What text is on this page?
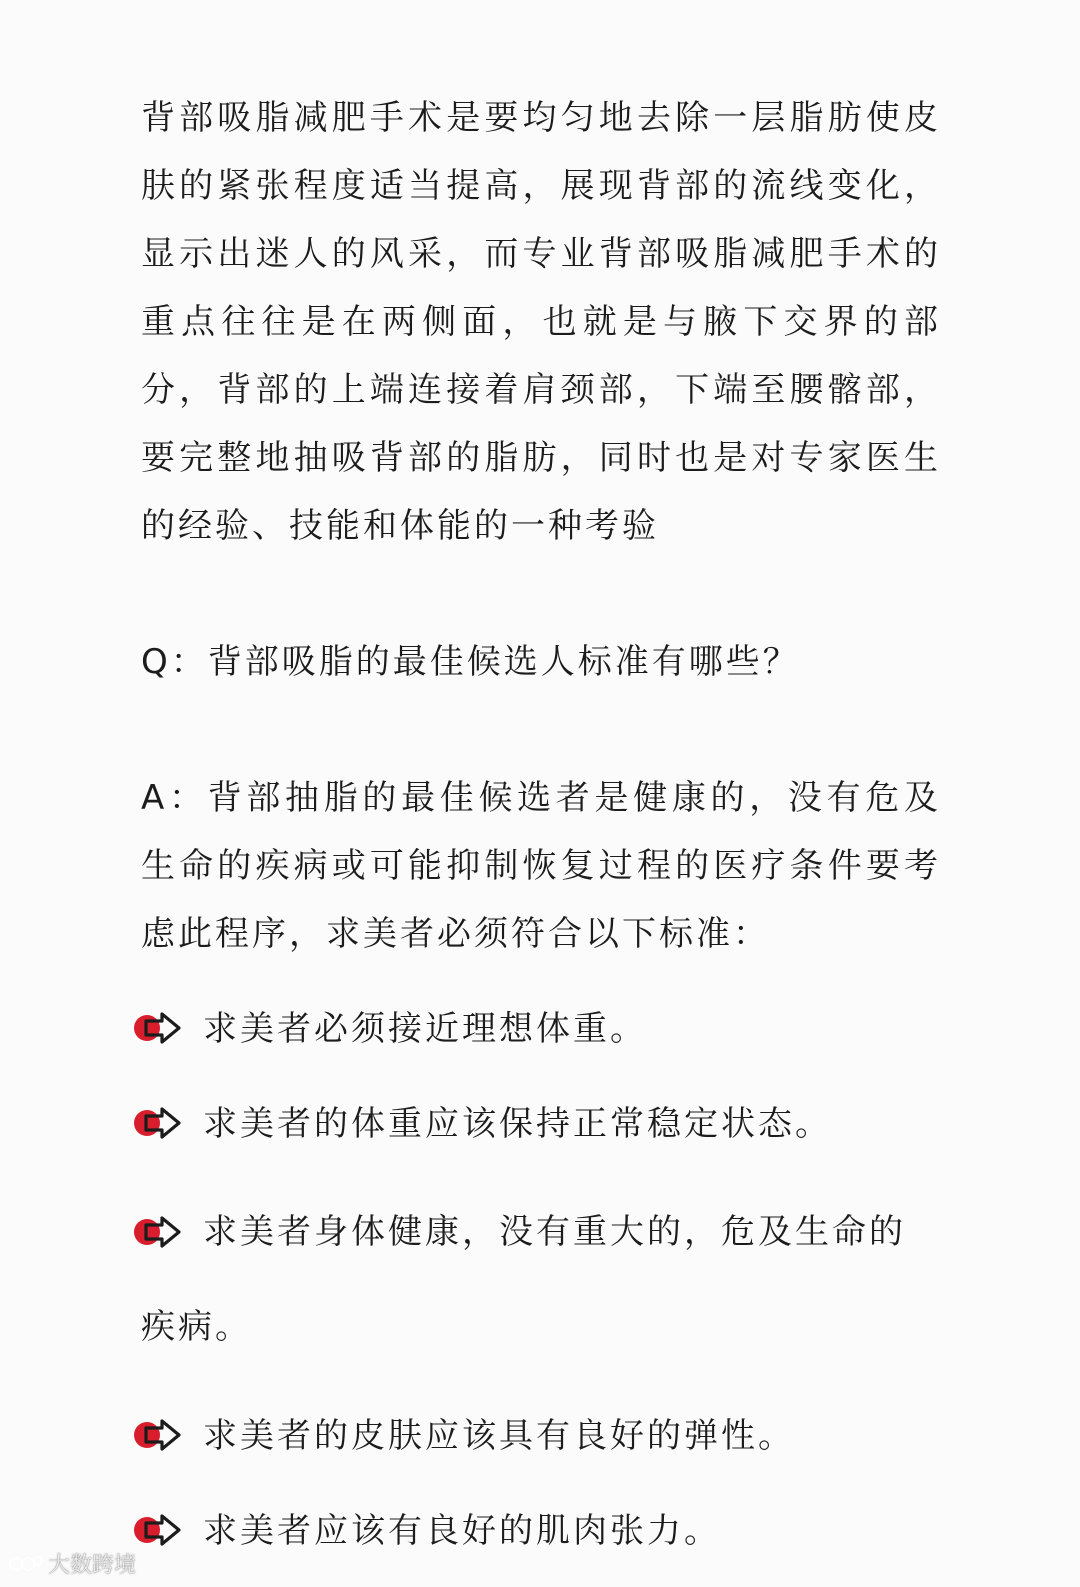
背部吸脂减肥手术是要均匀地去除一层脂肪使皮肤的紧张程度适当提高，展现背部的流线变化，显示出迷人的风采，而专业背部吸脂减肥手术的重点往往是在两侧面，也就是与腋下交界的部分，背部的上端连接着肩颈部，下端至腰髂部，要完整地抽吸背部的脂肪，同时也是对专家医生的经验、技能和体能的一种考验

Q：背部吸脂的最佳候选人标准有哪些？

A：背部抽脂的最佳候选者是健康的，没有危及生命的疾病或可能抑制恢复过程的医疗条件要考虑此程序，求美者必须符合以下标准：

求美者必须接近理想体重。
求美者的体重应该保持正常稳定状态。
求美者身体健康，没有重大的，危及生命的疾病。
求美者的皮肤应该具有良好的弹性。
求美者应该有良好的肌肉张力。
大数跨境
